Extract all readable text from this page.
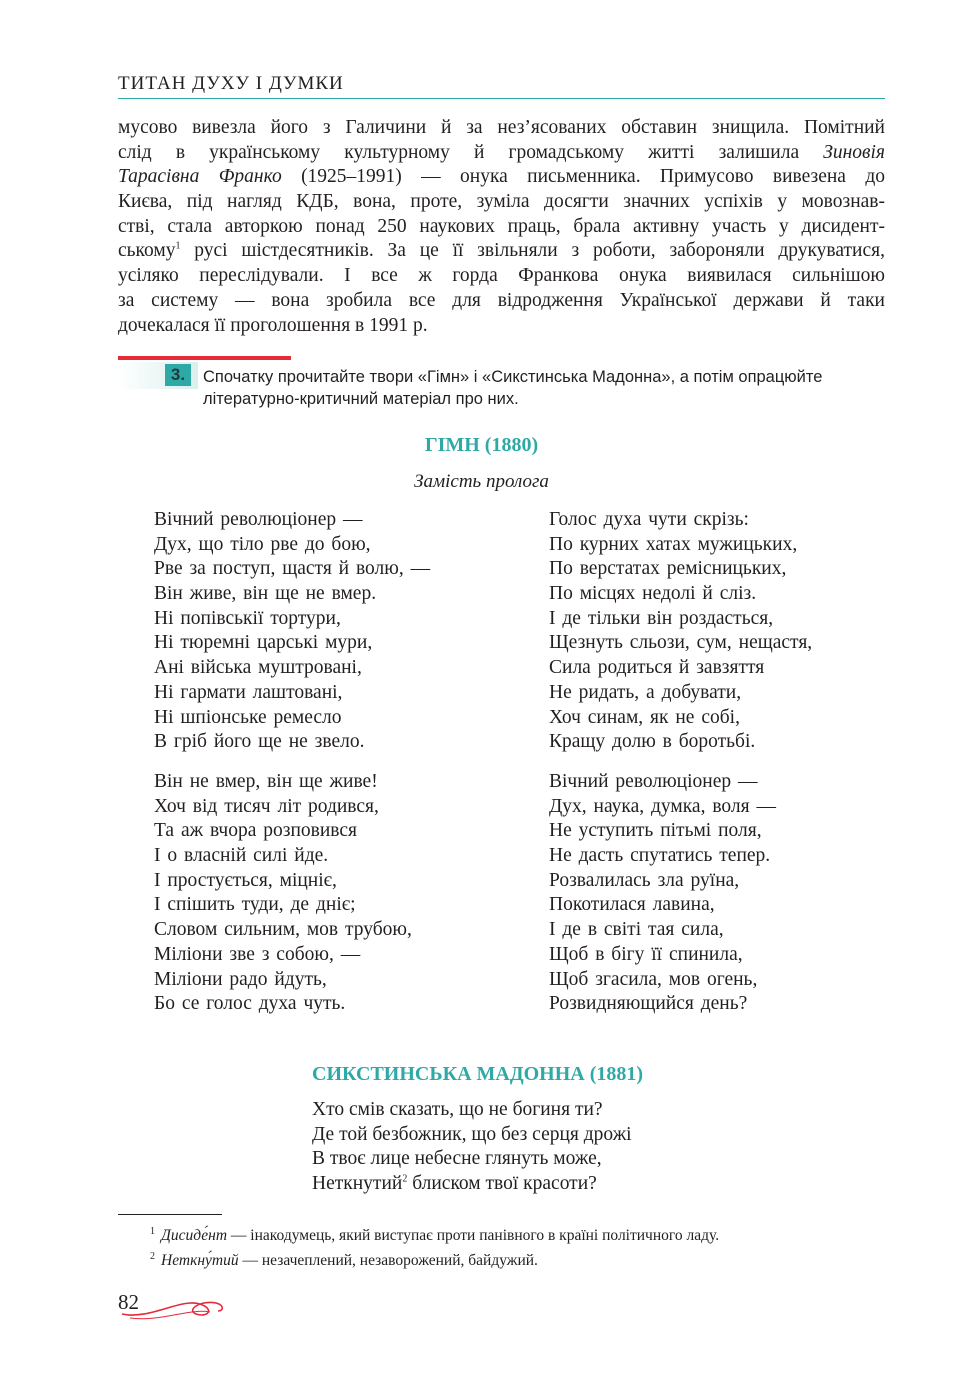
ТИТАН ДУХУ І ДУМКИ
мусово вивезла його з Галичини й за нез’ясованих обставин знищила. Помітний
слід в українському культурному й громадському житті залишила Зиновія
Тарасівна Франко (1925–1991) — онука письменника. Примусово вивезена до
Києва, під нагляд КДБ, вона, проте, зуміла досягти значних успіхів у мовознав-
стві, стала авторкою понад 250 наукових праць, брала активну участь у дисидент-
ському$^1$ русі шістдесятників. За це її звільняли з роботи, забороняли друкуватися,
усіляко переслідували. І все ж горда Франкова онука виявилася сильнішою
за систему — вона зробила все для відродження Української держави й таки
дочекалася її проголошення в 1991 р.
3.	Спочатку прочитайте твори «Гімн» і «Сикстинська Мадонна», а потім опрацюйте
літературно-критичний матеріал про них.
ГІМН (1880)
Замість пролога
Вічний революціонер —
Дух, що тіло рве до бою,
Рве за поступ, щастя й волю, —
Він живе, він ще не вмер.
Ні попівськії тортури,
Ні тюремні царські мури,
Ані війська муштровані,
Ні гармати лаштовані,
Ні шпіонське ремесло
В гріб його ще не звело.
Він не вмер, він ще живе!
Хоч від тисяч літ родився,
Та аж вчора розповився
І о власній силі йде.
І простується, міцніє,
І спішить туди, де дніє;
Словом сильним, мов трубою,
Міліони зве з собою, —
Міліони радо йдуть,
Бо се голос духа чуть.
Голос духа чути скрізь:
По курних хатах мужицьких,
По верстатах ремісницьких,
По місцях недолі й сліз.
І де тільки він роздасться,
Щезнуть сльози, сум, нещастя,
Сила родиться й завзяття
Не ридать, а добувати,
Хоч синам, як не собі,
Кращу долю в боротьбі.
Вічний революціонер —
Дух, наука, думка, воля —
Не уступить пітьмі поля,
Не дасть спутатись тепер.
Розвалилась зла руїна,
Покотилася лавина,
І де в світі тая сила,
Щоб в бігу її спинила,
Щоб згасила, мов огень,
Розвидняющийся день?
СИКСТИНСЬКА МАДОННА (1881)
Хто смів сказать, що не богиня ти?
Де той безбожник, що без серця дрожі
В твоє лице небесне глянуть може,
Неткнутий$^2$ блиском твої красоти?
$^1$ Дисиде́нт — інакодумець, який виступає проти панівного в країні політичного ладу.
$^2$ Неткну́тий — незачеплений, незаворожений, байдужий.
82
